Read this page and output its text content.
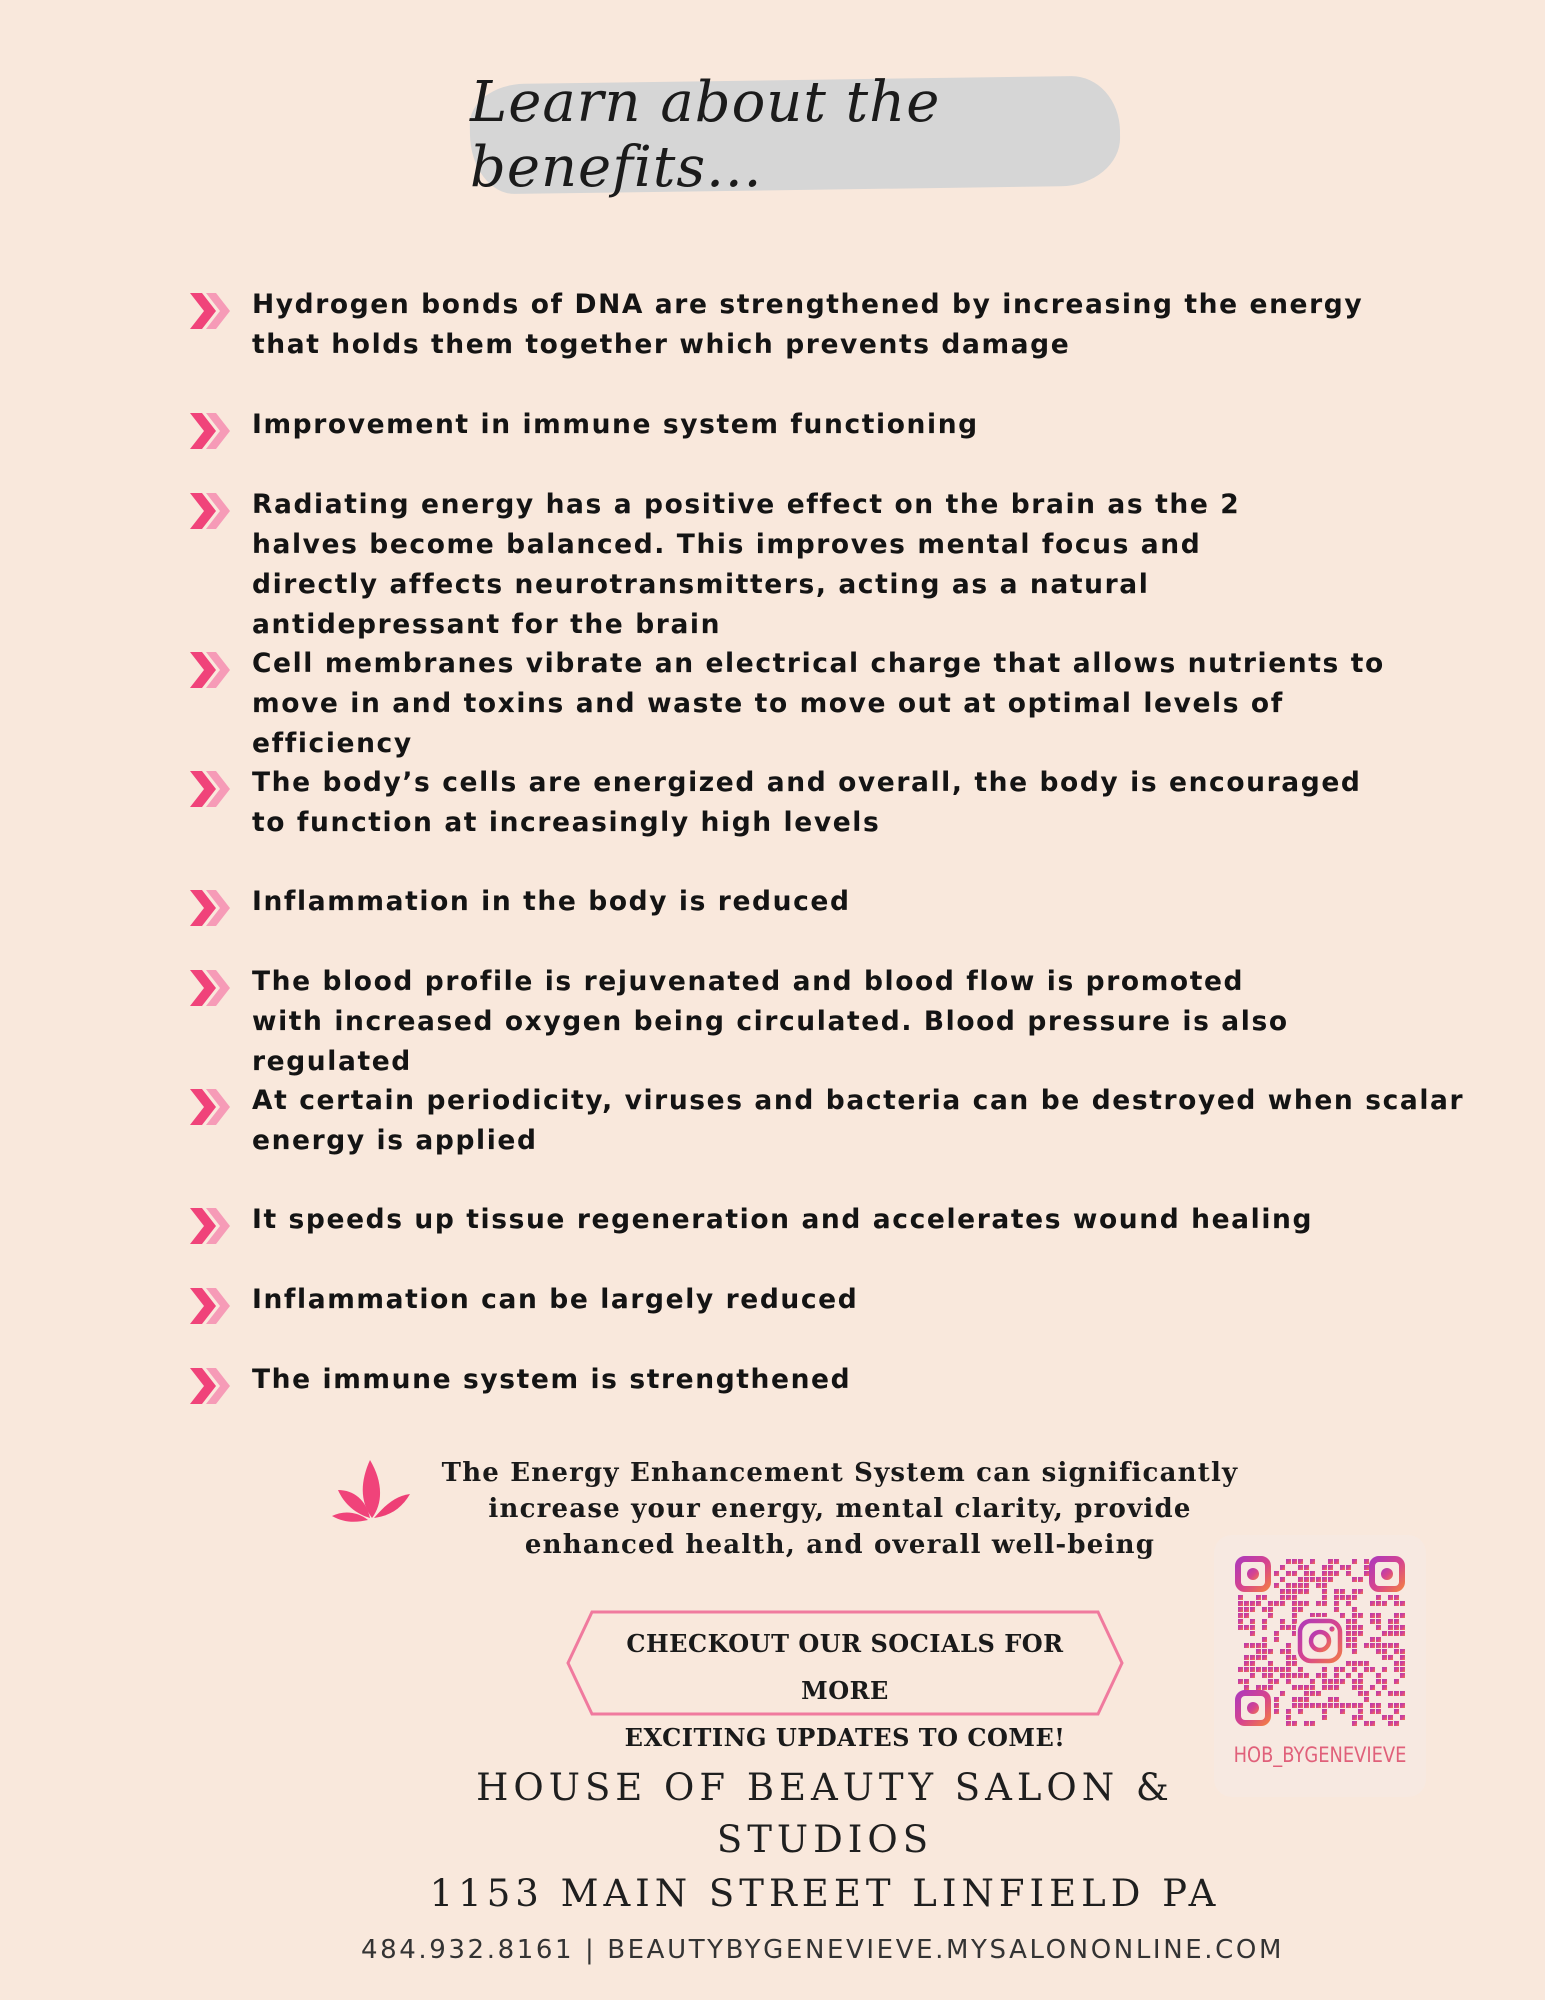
Learn about the benefits...
Hydrogen bonds of DNA are strengthened by increasing the energy that holds them together which prevents damage
Improvement in immune system functioning
Radiating energy has a positive effect on the brain as the 2 halves become balanced. This improves mental focus and directly affects neurotransmitters, acting as a natural antidepressant for the brain
Cell membranes vibrate an electrical charge that allows nutrients to move in and toxins and waste to move out at optimal levels of efficiency
The body’s cells are energized and overall, the body is encouraged to function at increasingly high levels
Inflammation in the body is reduced
The blood profile is rejuvenated and blood flow is promoted with increased oxygen being circulated. Blood pressure is also regulated
At certain periodicity, viruses and bacteria can be destroyed when scalar energy is applied
It speeds up tissue regeneration and accelerates wound healing
Inflammation can be largely reduced
The immune system is strengthened
The Energy Enhancement System can significantly increase your energy, mental clarity, provide enhanced health, and overall well-being
CHECKOUT OUR SOCIALS FOR MORE
EXCITING UPDATES TO COME!
HOB_BYGENEVIEVE
HOUSE OF BEAUTY SALON & STUDIOS
1153 MAIN STREET LINFIELD PA
484.932.8161 | BEAUTYBYGENEVIEVE.MYSALONONLINE.COM
